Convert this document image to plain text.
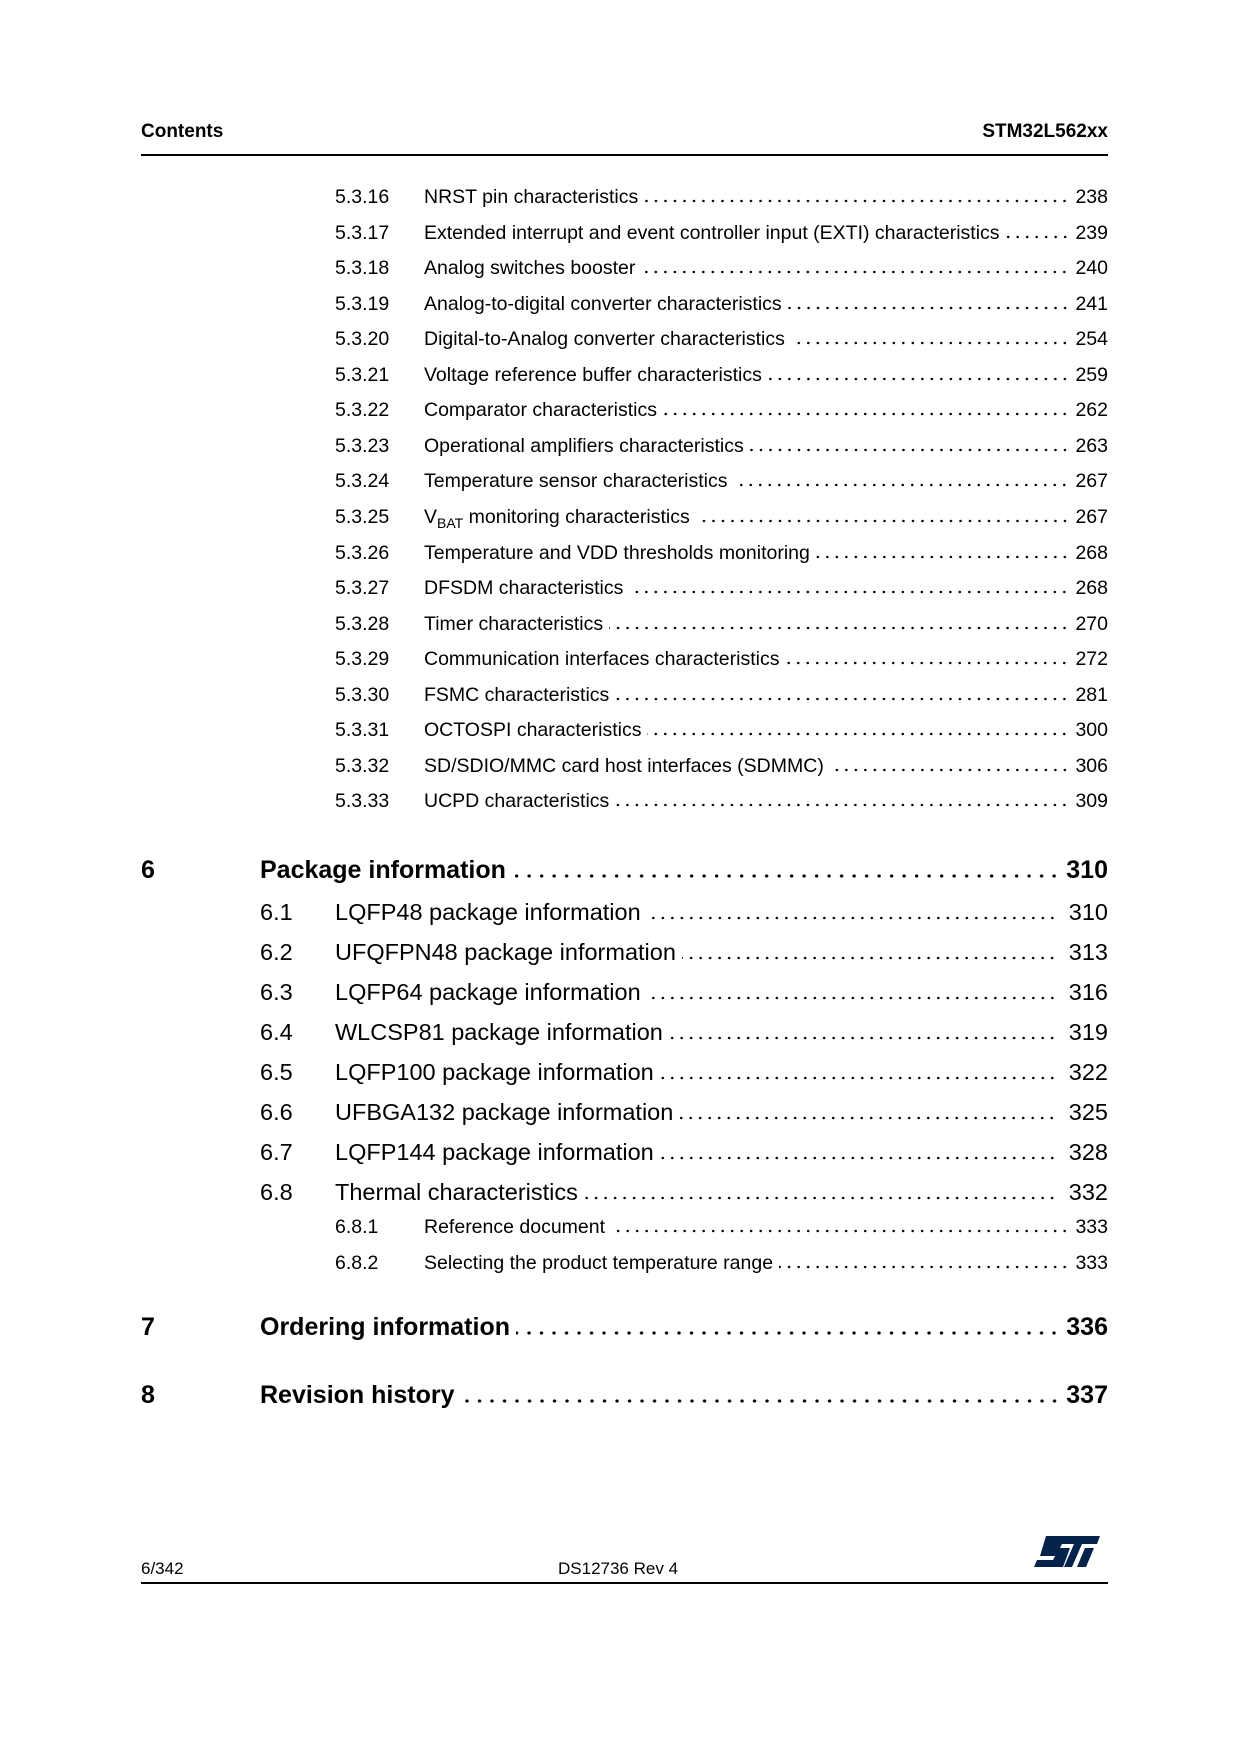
Contents	STM32L562xx
5.3.16 NRST pin characteristics	238
5.3.17 Extended interrupt and event controller input (EXTI) characteristics	239
5.3.18 Analog switches booster	240
5.3.19 Analog-to-digital converter characteristics	241
5.3.20 Digital-to-Analog converter characteristics	254
5.3.21 Voltage reference buffer characteristics	259
5.3.22 Comparator characteristics	262
5.3.23 Operational amplifiers characteristics	263
5.3.24 Temperature sensor characteristics	267
5.3.25 $V_{BAT}$ monitoring characteristics	267
5.3.26 Temperature and VDD thresholds monitoring	268
5.3.27 DFSDM characteristics	268
5.3.28 Timer characteristics	270
5.3.29 Communication interfaces characteristics	272
5.3.30 FSMC characteristics	281
5.3.31 OCTOSPI characteristics	300
5.3.32 SD/SDIO/MMC card host interfaces (SDMMC)	306
5.3.33 UCPD characteristics	309
6	Package information	310
6.1 LQFP48 package information	310
6.2 UFQFPN48 package information	313
6.3 LQFP64 package information	316
6.4 WLCSP81 package information	319
6.5 LQFP100 package information	322
6.6 UFBGA132 package information	325
6.7 LQFP144 package information	328
6.8 Thermal characteristics	332
6.8.1 Reference document	333
6.8.2 Selecting the product temperature range	333
7	Ordering information	336
8	Revision history	337
6/342	DS12736 Rev 4
